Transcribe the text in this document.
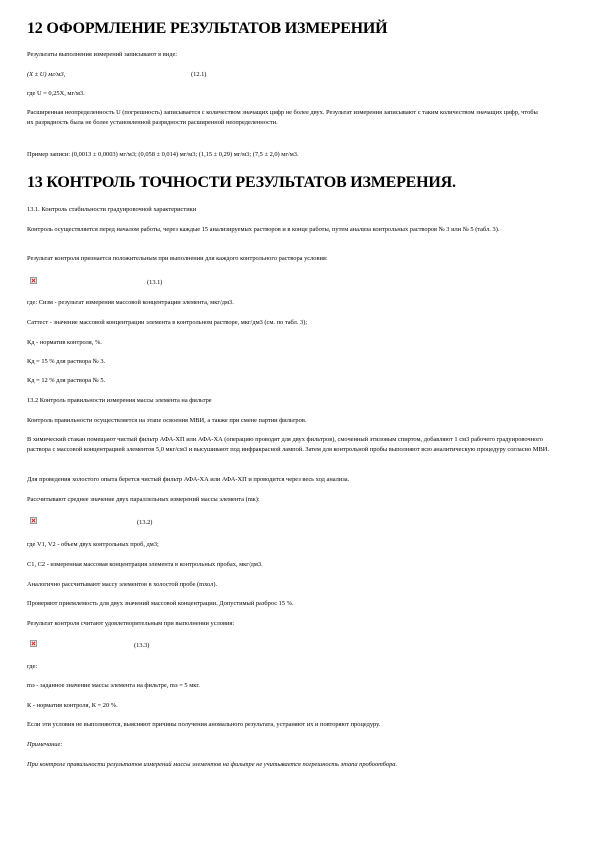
12 ОФОРМЛЕНИЕ РЕЗУЛЬТАТОВ ИЗМЕРЕНИЙ
Результаты выполнения измерений записывают в виде:
(X ± U) мг/м3,	(12.1)
где U = 0,25X, мг/м3.
Расширенная неопределенность U (погрешность) записывается с количеством значащих цифр не более двух. Результат измерения записывают с таким количеством значащих цифр, чтобы их разрядность была не более установленной разрядности расширенной неопределенности.
Пример записи: (0,0013 ± 0,0003) мг/м3; (0,058 ± 0,014) мг/м3; (1,15 ± 0,29) мг/м3; (7,5 ± 2,0) мг/м3.
13 КОНТРОЛЬ ТОЧНОСТИ РЕЗУЛЬТАТОВ ИЗМЕРЕНИЯ.
13.1. Контроль стабильности градуировочной характеристики
Контроль осуществляется перед началом работы, через каждые 15 анализируемых растворов и в конце работы, путем анализа контрольных растворов № 3 или № 5 (табл. 3).
Результат контроля признается положительным при выполнении для каждого контрольного раствора условия:
(13.1)
где: Сизм - результат измерения массовой концентрации элемента, мкг/дм3.
Саттест - значение массовой концентрации элемента в контрольном растворе, мкг/дм3 (см. по табл. 3);
Кд - норматив контроля, %.
Кд = 15 % для раствора № 3.
Кд = 12 % для раствора № 5.
13.2 Контроль правильности измерения массы элемента на фильтре
Контроль правильности осуществляется на этапе освоения МВИ, а также при смене партии фильтров.
В химический стакан помещают чистый фильтр АФА-ХП или АФА-ХА (операцию проводят для двух фильтров), смоченный этиловым спиртом, добавляют 1 см3 рабочего градуировочного раствора с массовой концентрацией элементов 5,0 мкг/см3 и высушивают под инфракрасной лампой. Затем для контрольной пробы выполняют всю аналитическую процедуру согласно МВИ.
Для проведения холостого опыта берется чистый фильтр АФА-ХА или АФА-ХП и проводится через весь ход анализа.
Рассчитывают среднее значение двух параллельных измерений массы элемента (mк):
(13.2)
где V1, V2 - объем двух контрольных проб, дм3;
С1, С2 - измеренная массовая концентрация элемента в контрольных пробах, мкг/дм3.
Аналогично рассчитывают массу элементов в холостой пробе (mхол).
Проверяют приемлемость для двух значений массовой концентрации. Допустимый разброс 15 %.
Результат контроля считают удовлетворительным при выполнении условия:
(13.3)
где:
mэ - заданное значение массы элемента на фильтре, mэ = 5 мкг.
К - норматив контроля, К = 20 %.
Если эти условия не выполняются, выясняют причины получения аномального результата, устраняют их и повторяют процедуру.
Примечание:
При контроле правильности результатов измерений массы элементов на фильтре не учитывается погрешность этапа пробоотбора.
